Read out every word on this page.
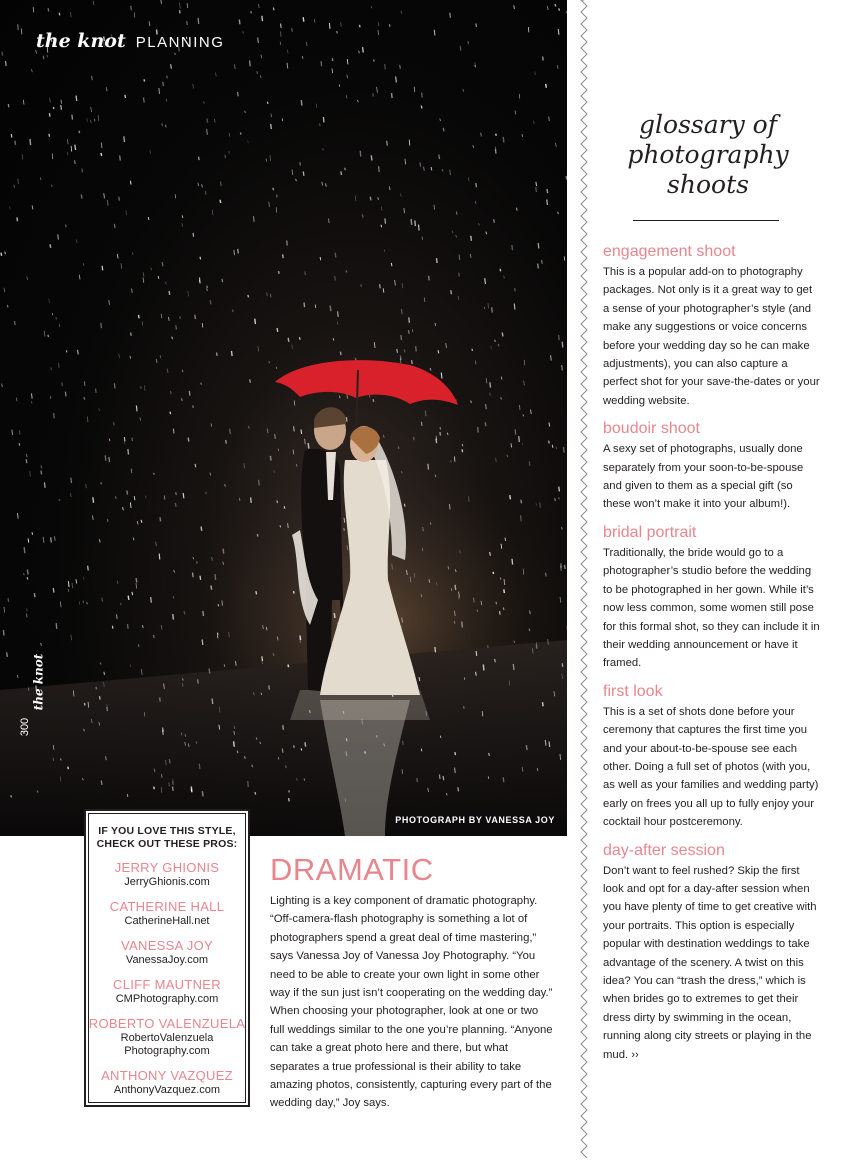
the knot PLANNING
PHOTOGRAPH BY VANESSA JOY
the knot
300
IF YOU LOVE THIS STYLE, CHECK OUT THESE PROS:
JERRY GHIONIS
JerryGhionis.com
CATHERINE HALL
CatherineHall.net
VANESSA JOY
VanessaJoy.com
CLIFF MAUTNER
CMPhotography.com
ROBERTO VALENZUELA
RobertoValenzuela Photography.com
ANTHONY VAZQUEZ
AnthonyVazquez.com
DRAMATIC
Lighting is a key component of dramatic photography. “Off-camera-flash photography is something a lot of photographers spend a great deal of time mastering,” says Vanessa Joy of Vanessa Joy Photography. “You need to be able to create your own light in some other way if the sun just isn’t cooperating on the wedding day.” When choosing your photographer, look at one or two full weddings similar to the one you’re planning. “Anyone can take a great photo here and there, but what separates a true professional is their ability to take amazing photos, consistently, capturing every part of the wedding day,” Joy says.
glossary of
photography
shoots
engagement shoot
This is a popular add-on to photography packages. Not only is it a great way to get a sense of your photographer’s style (and make any suggestions or voice concerns before your wedding day so he can make adjustments), you can also capture a perfect shot for your save-the-dates or your wedding website.
boudoir shoot
A sexy set of photographs, usually done separately from your soon-to-be-spouse and given to them as a special gift (so these won’t make it into your album!).
bridal portrait
Traditionally, the bride would go to a photographer’s studio before the wedding to be photographed in her gown. While it’s now less common, some women still pose for this formal shot, so they can include it in their wedding announcement or have it framed.
first look
This is a set of shots done before your ceremony that captures the first time you and your about-to-be-spouse see each other. Doing a full set of photos (with you, as well as your families and wedding party) early on frees you all up to fully enjoy your cocktail hour postceremony.
day-after session
Don’t want to feel rushed? Skip the first look and opt for a day-after session when you have plenty of time to get creative with your portraits. This option is especially popular with destination weddings to take advantage of the scenery. A twist on this idea? You can “trash the dress,” which is when brides go to extremes to get their dress dirty by swimming in the ocean, running along city streets or playing in the mud. ››
